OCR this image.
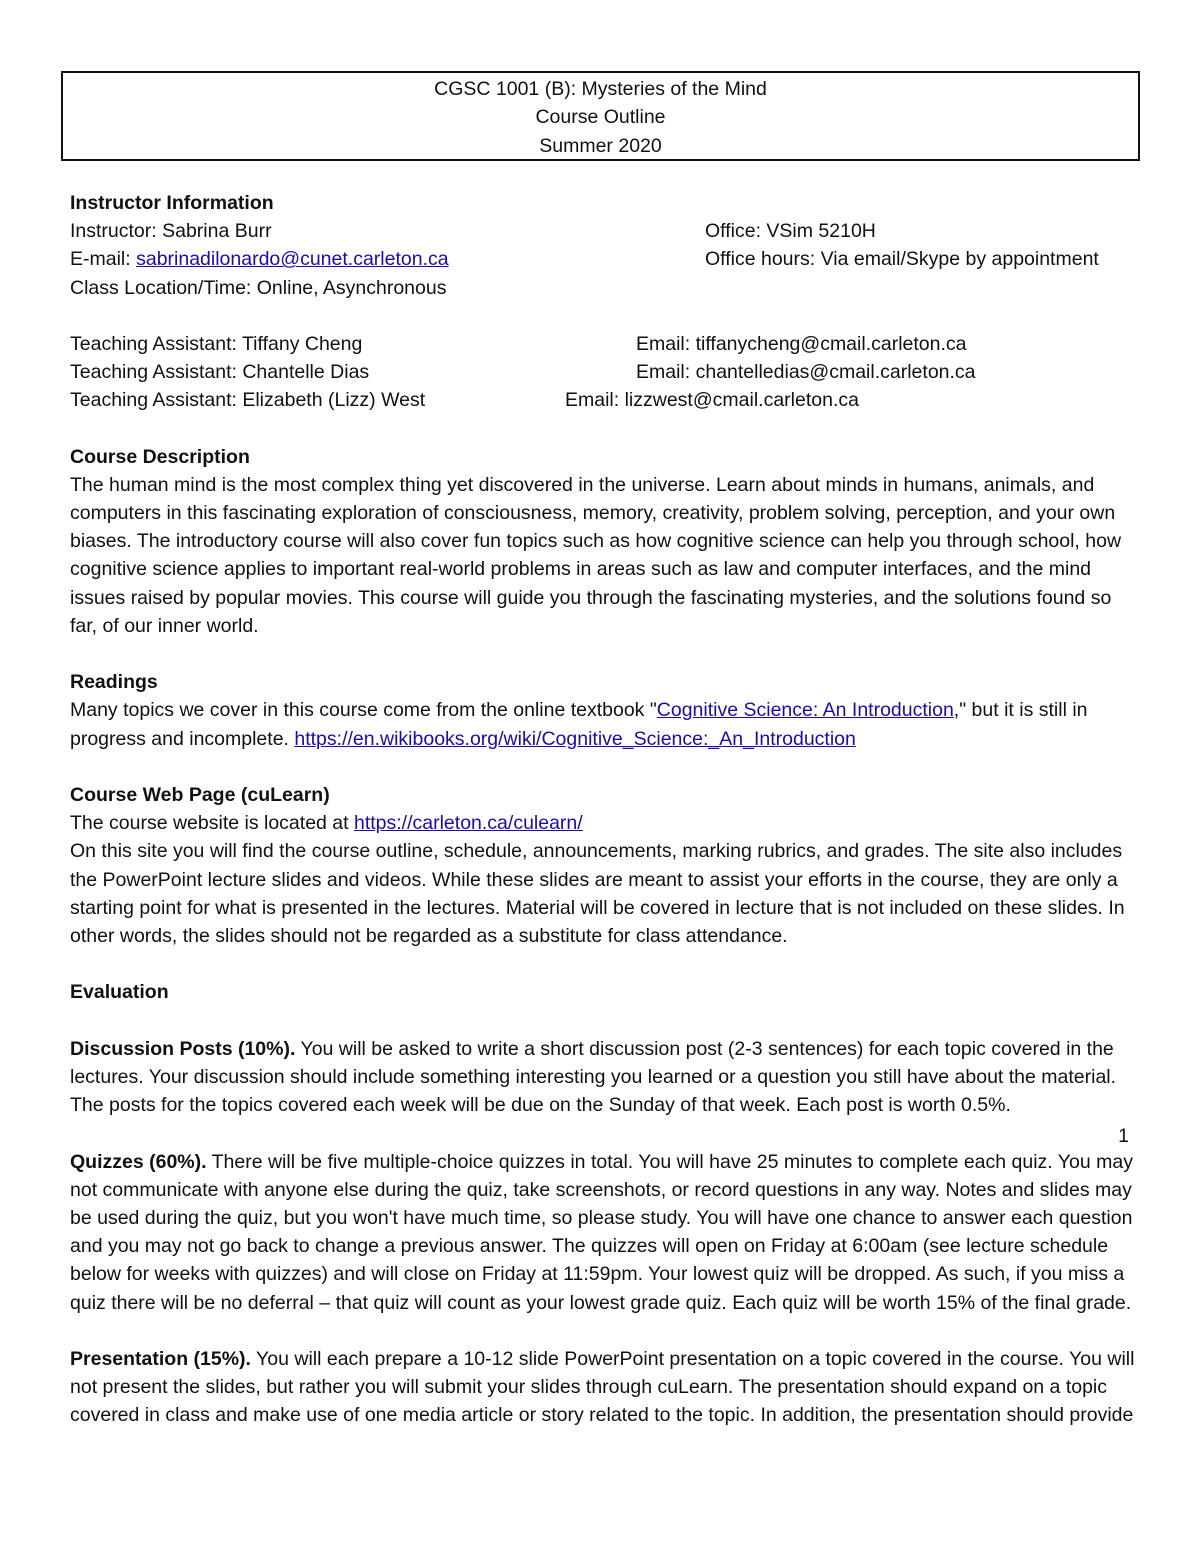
CGSC 1001 (B): Mysteries of the Mind
Course Outline
Summer 2020
Instructor Information
Instructor: Sabrina Burr	Office: VSim 5210H
E-mail: sabrinadilonardo@cunet.carleton.ca	Office hours: Via email/Skype by appointment
Class Location/Time: Online, Asynchronous
Teaching Assistant: Tiffany Cheng	Email: tiffanycheng@cmail.carleton.ca
Teaching Assistant: Chantelle Dias	Email: chantelledias@cmail.carleton.ca
Teaching Assistant: Elizabeth (Lizz) West	Email: lizzwest@cmail.carleton.ca
Course Description
The human mind is the most complex thing yet discovered in the universe. Learn about minds in humans, animals, and
computers in this fascinating exploration of consciousness, memory, creativity, problem solving, perception, and your own
biases. The introductory course will also cover fun topics such as how cognitive science can help you through school, how
cognitive science applies to important real-world problems in areas such as law and computer interfaces, and the mind
issues raised by popular movies. This course will guide you through the fascinating mysteries, and the solutions found so
far, of our inner world.
Readings
Many topics we cover in this course come from the online textbook "Cognitive Science: An Introduction," but it is still in
progress and incomplete. https://en.wikibooks.org/wiki/Cognitive_Science:_An_Introduction
Course Web Page (cuLearn)
The course website is located at https://carleton.ca/culearn/
On this site you will find the course outline, schedule, announcements, marking rubrics, and grades. The site also includes
the PowerPoint lecture slides and videos. While these slides are meant to assist your efforts in the course, they are only a
starting point for what is presented in the lectures. Material will be covered in lecture that is not included on these slides. In
other words, the slides should not be regarded as a substitute for class attendance.
Evaluation
Discussion Posts (10%). You will be asked to write a short discussion post (2-3 sentences) for each topic covered in the
lectures. Your discussion should include something interesting you learned or a question you still have about the material.
The posts for the topics covered each week will be due on the Sunday of that week. Each post is worth 0.5%.
Quizzes (60%). There will be five multiple-choice quizzes in total. You will have 25 minutes to complete each quiz. You may
not communicate with anyone else during the quiz, take screenshots, or record questions in any way. Notes and slides may
be used during the quiz, but you won't have much time, so please study. You will have one chance to answer each question
and you may not go back to change a previous answer. The quizzes will open on Friday at 6:00am (see lecture schedule
below for weeks with quizzes) and will close on Friday at 11:59pm. Your lowest quiz will be dropped. As such, if you miss a
quiz there will be no deferral – that quiz will count as your lowest grade quiz. Each quiz will be worth 15% of the final grade.
Presentation (15%). You will each prepare a 10-12 slide PowerPoint presentation on a topic covered in the course. You will
not present the slides, but rather you will submit your slides through cuLearn. The presentation should expand on a topic
covered in class and make use of one media article or story related to the topic. In addition, the presentation should provide
1
